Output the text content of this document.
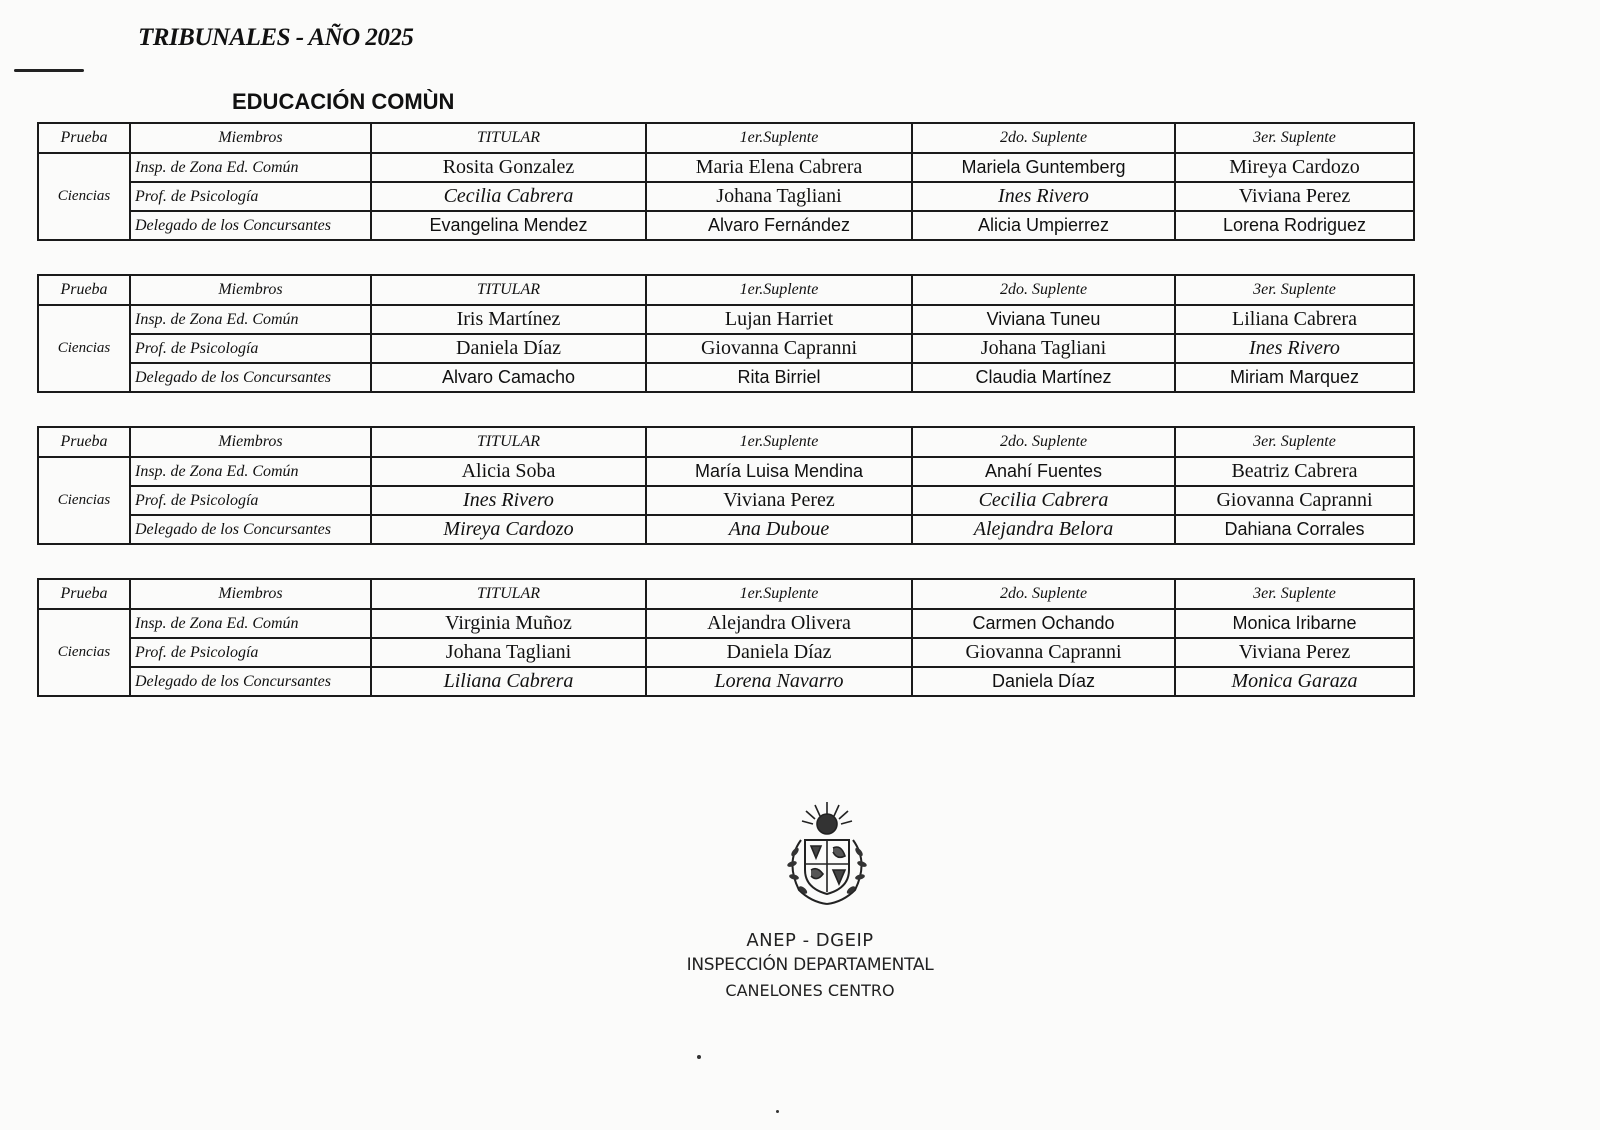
TRIBUNALES - AÑO 2025
EDUCACIÓN COMÙN
Prueba	Miembros	TITULAR	1er.Suplente	2do. Suplente	3er. Suplente
Ciencias	Insp. de Zona Ed. Común	Rosita Gonzalez	Maria Elena Cabrera	Mariela Guntemberg	Mireya Cardozo
	Prof. de Psicología	Cecilia Cabrera	Johana Tagliani	Ines Rivero	Viviana Perez
	Delegado de los Concursantes	Evangelina Mendez	Alvaro Fernández	Alicia Umpierrez	Lorena Rodriguez
Prueba	Miembros	TITULAR	1er.Suplente	2do. Suplente	3er. Suplente
Ciencias	Insp. de Zona Ed. Común	Iris Martínez	Lujan Harriet	Viviana Tuneu	Liliana Cabrera
	Prof. de Psicología	Daniela Díaz	Giovanna Capranni	Johana Tagliani	Ines Rivero
	Delegado de los Concursantes	Alvaro Camacho	Rita Birriel	Claudia Martínez	Miriam Marquez
Prueba	Miembros	TITULAR	1er.Suplente	2do. Suplente	3er. Suplente
Ciencias	Insp. de Zona Ed. Común	Alicia Soba	María Luisa Mendina	Anahí Fuentes	Beatriz Cabrera
	Prof. de Psicología	Ines Rivero	Viviana Perez	Cecilia Cabrera	Giovanna Capranni
	Delegado de los Concursantes	Mireya Cardozo	Ana Duboue	Alejandra Belora	Dahiana Corrales
Prueba	Miembros	TITULAR	1er.Suplente	2do. Suplente	3er. Suplente
Ciencias	Insp. de Zona Ed. Común	Virginia Muñoz	Alejandra Olivera	Carmen Ochando	Monica Iribarne
	Prof. de Psicología	Johana Tagliani	Daniela Díaz	Giovanna Capranni	Viviana Perez
	Delegado de los Concursantes	Liliana Cabrera	Lorena Navarro	Daniela Díaz	Monica Garaza
ANEP - DGEIP
INSPECCIÓN DEPARTAMENTAL
CANELONES CENTRO
